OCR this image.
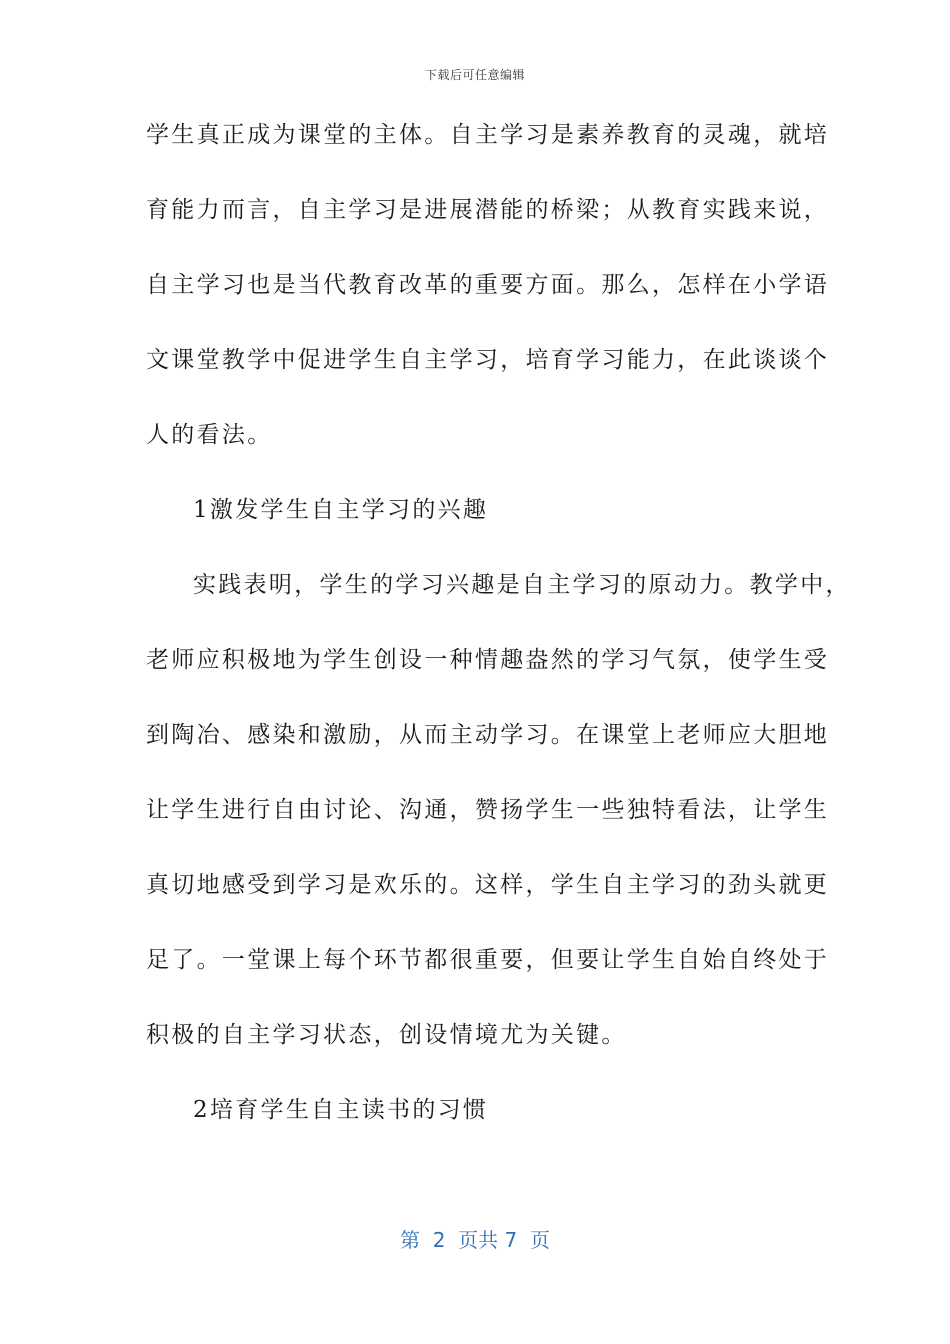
下载后可任意编辑
学生真正成为课堂的主体。自主学习是素养教育的灵魂，就培
育能力而言，自主学习是进展潜能的桥梁；从教育实践来说，
自主学习也是当代教育改革的重要方面。那么，怎样在小学语
文课堂教学中促进学生自主学习，培育学习能力，在此谈谈个
人的看法。
1激发学生自主学习的兴趣
实践表明，学生的学习兴趣是自主学习的原动力。教学中，
老师应积极地为学生创设一种情趣盎然的学习气氛，使学生受
到陶冶、感染和激励，从而主动学习。在课堂上老师应大胆地
让学生进行自由讨论、沟通，赞扬学生一些独特看法，让学生
真切地感受到学习是欢乐的。这样，学生自主学习的劲头就更
足了。一堂课上每个环节都很重要，但要让学生自始自终处于
积极的自主学习状态，创设情境尤为关键。
2培育学生自主读书的习惯
第  2  页共 7  页
